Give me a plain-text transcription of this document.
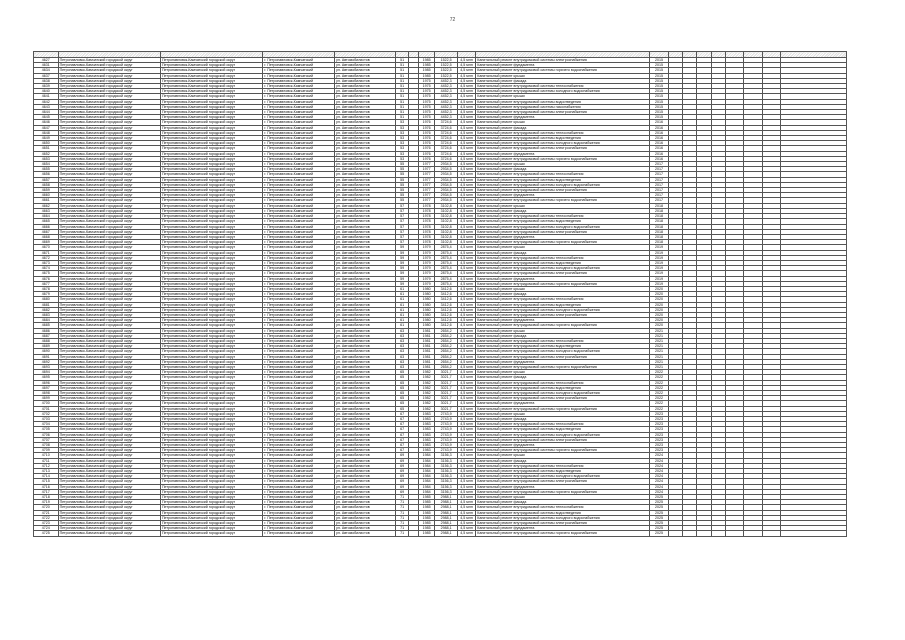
72

4627	Петропавловск-Камчатский городской округ	Петропавловск-Камчатский городской округ	г. Петропавловск-Камчатский	ул. Автомобилистов	51		1985	1522,5	4,5 млн	Капитальный ремонт внутридомовой системы электроснабжения	2015								
4631	Петропавловск-Камчатский городской округ	Петропавловск-Камчатский городской округ	г. Петропавловск-Камчатский	ул. Автомобилистов	51		1985	1522,5	4,5 млн	Капитальный ремонт фундамента	2015								
4634	Петропавловск-Камчатский городской округ	Петропавловск-Камчатский городской округ	г. Петропавловск-Камчатский	ул. Автомобилистов	51		1985	1522,5	4,5 млн	Капитальный ремонт внутридомовой системы горячего водоснабжения	2015								
4637	Петропавловск-Камчатский городской округ	Петропавловск-Камчатский городской округ	г. Петропавловск-Камчатский	ул. Автомобилистов	51		1985	1522,5	4,5 млн	Капитальный ремонт крыши	2015								
4638	Петропавловск-Камчатский городской округ	Петропавловск-Камчатский городской округ	г. Петропавловск-Камчатский	ул. Автомобилистов	51		1975	4452,3	4,5 млн	Капитальный ремонт фасада	2015								
4639	Петропавловск-Камчатский городской округ	Петропавловск-Камчатский городской округ	г. Петропавловск-Камчатский	ул. Автомобилистов	51		1975	4452,3	4,5 млн	Капитальный ремонт внутридомовой системы теплоснабжения	2015								
4640	Петропавловск-Камчатский городской округ	Петропавловск-Камчатский городской округ	г. Петропавловск-Камчатский	ул. Автомобилистов	51		1975	4452,3	4,5 млн	Капитальный ремонт внутридомовой системы холодного водоснабжения	2015								
4641	Петропавловск-Камчатский городской округ	Петропавловск-Камчатский городской округ	г. Петропавловск-Камчатский	ул. Автомобилистов	51		1975	4452,3	4,5 млн	Капитальный ремонт крыши	2015								
4642	Петропавловск-Камчатский городской округ	Петропавловск-Камчатский городской округ	г. Петропавловск-Камчатский	ул. Автомобилистов	51		1975	4452,3	4,5 млн	Капитальный ремонт внутридомовой системы водоотведения	2015								
4643	Петропавловск-Камчатский городской округ	Петропавловск-Камчатский городской округ	г. Петропавловск-Камчатский	ул. Автомобилистов	51		1975	4452,3	4,5 млн	Капитальный ремонт внутридомовой системы газоснабжения	2015								
4644	Петропавловск-Камчатский городской округ	Петропавловск-Камчатский городской округ	г. Петропавловск-Камчатский	ул. Автомобилистов	51		1975	4452,3	4,5 млн	Капитальный ремонт внутридомовой системы электроснабжения	2015								
4645	Петропавловск-Камчатский городской округ	Петропавловск-Камчатский городской округ	г. Петропавловск-Камчатский	ул. Автомобилистов	51		1975	4452,3	4,5 млн	Капитальный ремонт фундамента	2015								
4646	Петропавловск-Камчатский городской округ	Петропавловск-Камчатский городской округ	г. Петропавловск-Камчатский	ул. Автомобилистов	53		1976	3724,6	4,5 млн	Капитальный ремонт крыши	2016								
4647	Петропавловск-Камчатский городской округ	Петропавловск-Камчатский городской округ	г. Петропавловск-Камчатский	ул. Автомобилистов	53		1976	3724,6	4,5 млн	Капитальный ремонт фасада	2016								
4648	Петропавловск-Камчатский городской округ	Петропавловск-Камчатский городской округ	г. Петропавловск-Камчатский	ул. Автомобилистов	53		1976	3724,6	4,5 млн	Капитальный ремонт внутридомовой системы теплоснабжения	2016								
4649	Петропавловск-Камчатский городской округ	Петропавловск-Камчатский городской округ	г. Петропавловск-Камчатский	ул. Автомобилистов	53		1976	3724,6	4,5 млн	Капитальный ремонт внутридомовой системы водоотведения	2016								
4650	Петропавловск-Камчатский городской округ	Петропавловск-Камчатский городской округ	г. Петропавловск-Камчатский	ул. Автомобилистов	53		1976	3724,6	4,5 млн	Капитальный ремонт внутридомовой системы холодного водоснабжения	2016								
4651	Петропавловск-Камчатский городской округ	Петропавловск-Камчатский городской округ	г. Петропавловск-Камчатский	ул. Автомобилистов	53		1976	3724,6	4,5 млн	Капитальный ремонт внутридомовой системы электроснабжения	2016								
4652	Петропавловск-Камчатский городской округ	Петропавловск-Камчатский городской округ	г. Петропавловск-Камчатский	ул. Автомобилистов	53		1976	3724,6	4,5 млн	Капитальный ремонт фундамента	2016								
4653	Петропавловск-Камчатский городской округ	Петропавловск-Камчатский городской округ	г. Петропавловск-Камчатский	ул. Автомобилистов	53		1976	3724,6	4,5 млн	Капитальный ремонт внутридомовой системы горячего водоснабжения	2016								
4654	Петропавловск-Камчатский городской округ	Петропавловск-Камчатский городской округ	г. Петропавловск-Камчатский	ул. Автомобилистов	55		1977	2934,5	4,5 млн	Капитальный ремонт крыши	2017								
4655	Петропавловск-Камчатский городской округ	Петропавловск-Камчатский городской округ	г. Петропавловск-Камчатский	ул. Автомобилистов	55		1977	2934,5	4,5 млн	Капитальный ремонт фасада	2017								
4656	Петропавловск-Камчатский городской округ	Петропавловск-Камчатский городской округ	г. Петропавловск-Камчатский	ул. Автомобилистов	55		1977	2934,5	4,5 млн	Капитальный ремонт внутридомовой системы теплоснабжения	2017								
4657	Петропавловск-Камчатский городской округ	Петропавловск-Камчатский городской округ	г. Петропавловск-Камчатский	ул. Автомобилистов	55		1977	2934,5	4,5 млн	Капитальный ремонт внутридомовой системы водоотведения	2017								
4658	Петропавловск-Камчатский городской округ	Петропавловск-Камчатский городской округ	г. Петропавловск-Камчатский	ул. Автомобилистов	55		1977	2934,5	4,5 млн	Капитальный ремонт внутридомовой системы холодного водоснабжения	2017								
4659	Петропавловск-Камчатский городской округ	Петропавловск-Камчатский городской округ	г. Петропавловск-Камчатский	ул. Автомобилистов	55		1977	2934,5	4,5 млн	Капитальный ремонт внутридомовой системы электроснабжения	2017								
4660	Петропавловск-Камчатский городской округ	Петропавловск-Камчатский городской округ	г. Петропавловск-Камчатский	ул. Автомобилистов	55		1977	2934,5	4,5 млн	Капитальный ремонт фундамента	2017								
4661	Петропавловск-Камчатский городской округ	Петропавловск-Камчатский городской округ	г. Петропавловск-Камчатский	ул. Автомобилистов	55		1977	2934,5	4,5 млн	Капитальный ремонт внутридомовой системы горячего водоснабжения	2017								
4662	Петропавловск-Камчатский городской округ	Петропавловск-Камчатский городской округ	г. Петропавловск-Камчатский	ул. Автомобилистов	57		1978	3102,8	4,5 млн	Капитальный ремонт крыши	2018								
4663	Петропавловск-Камчатский городской округ	Петропавловск-Камчатский городской округ	г. Петропавловск-Камчатский	ул. Автомобилистов	57		1978	3102,8	4,5 млн	Капитальный ремонт фасада	2018								
4664	Петропавловск-Камчатский городской округ	Петропавловск-Камчатский городской округ	г. Петропавловск-Камчатский	ул. Автомобилистов	57		1978	3102,8	4,5 млн	Капитальный ремонт внутридомовой системы теплоснабжения	2018								
4665	Петропавловск-Камчатский городской округ	Петропавловск-Камчатский городской округ	г. Петропавловск-Камчатский	ул. Автомобилистов	57		1978	3102,8	4,5 млн	Капитальный ремонт внутридомовой системы водоотведения	2018								
4666	Петропавловск-Камчатский городской округ	Петропавловск-Камчатский городской округ	г. Петропавловск-Камчатский	ул. Автомобилистов	57		1978	3102,8	4,5 млн	Капитальный ремонт внутридомовой системы холодного водоснабжения	2018								
4667	Петропавловск-Камчатский городской округ	Петропавловск-Камчатский городской округ	г. Петропавловск-Камчатский	ул. Автомобилистов	57		1978	3102,8	4,5 млн	Капитальный ремонт внутридомовой системы электроснабжения	2018								
4668	Петропавловск-Камчатский городской округ	Петропавловск-Камчатский городской округ	г. Петропавловск-Камчатский	ул. Автомобилистов	57		1978	3102,8	4,5 млн	Капитальный ремонт фундамента	2018								
4669	Петропавловск-Камчатский городской округ	Петропавловск-Камчатский городской округ	г. Петропавловск-Камчатский	ул. Автомобилистов	57		1978	3102,8	4,5 млн	Капитальный ремонт внутридомовой системы горячего водоснабжения	2018								
4670	Петропавловск-Камчатский городской округ	Петропавловск-Камчатский городской округ	г. Петропавловск-Камчатский	ул. Автомобилистов	59		1979	2875,4	4,5 млн	Капитальный ремонт крыши	2019								
4671	Петропавловск-Камчатский городской округ	Петропавловск-Камчатский городской округ	г. Петропавловск-Камчатский	ул. Автомобилистов	59		1979	2875,4	4,5 млн	Капитальный ремонт фасада	2019								
4672	Петропавловск-Камчатский городской округ	Петропавловск-Камчатский городской округ	г. Петропавловск-Камчатский	ул. Автомобилистов	59		1979	2875,4	4,5 млн	Капитальный ремонт внутридомовой системы теплоснабжения	2019								
4673	Петропавловск-Камчатский городской округ	Петропавловск-Камчатский городской округ	г. Петропавловск-Камчатский	ул. Автомобилистов	59		1979	2875,4	4,5 млн	Капитальный ремонт внутридомовой системы водоотведения	2019								
4674	Петропавловск-Камчатский городской округ	Петропавловск-Камчатский городской округ	г. Петропавловск-Камчатский	ул. Автомобилистов	59		1979	2875,4	4,5 млн	Капитальный ремонт внутридомовой системы холодного водоснабжения	2019								
4675	Петропавловск-Камчатский городской округ	Петропавловск-Камчатский городской округ	г. Петропавловск-Камчатский	ул. Автомобилистов	59		1979	2875,4	4,5 млн	Капитальный ремонт внутридомовой системы электроснабжения	2019								
4676	Петропавловск-Камчатский городской округ	Петропавловск-Камчатский городской округ	г. Петропавловск-Камчатский	ул. Автомобилистов	59		1979	2875,4	4,5 млн	Капитальный ремонт фундамента	2019								
4677	Петропавловск-Камчатский городской округ	Петропавловск-Камчатский городской округ	г. Петропавловск-Камчатский	ул. Автомобилистов	59		1979	2875,4	4,5 млн	Капитальный ремонт внутридомовой системы горячего водоснабжения	2019								
4678	Петропавловск-Камчатский городской округ	Петропавловск-Камчатский городской округ	г. Петропавловск-Камчатский	ул. Автомобилистов	61		1980	3412,6	4,5 млн	Капитальный ремонт крыши	2020								
4679	Петропавловск-Камчатский городской округ	Петропавловск-Камчатский городской округ	г. Петропавловск-Камчатский	ул. Автомобилистов	61		1980	3412,6	4,5 млн	Капитальный ремонт фасада	2020								
4680	Петропавловск-Камчатский городской округ	Петропавловск-Камчатский городской округ	г. Петропавловск-Камчатский	ул. Автомобилистов	61		1980	3412,6	4,5 млн	Капитальный ремонт внутридомовой системы теплоснабжения	2020								
4681	Петропавловск-Камчатский городской округ	Петропавловск-Камчатский городской округ	г. Петропавловск-Камчатский	ул. Автомобилистов	61		1980	3412,6	4,5 млн	Капитальный ремонт внутридомовой системы водоотведения	2020								
4682	Петропавловск-Камчатский городской округ	Петропавловск-Камчатский городской округ	г. Петропавловск-Камчатский	ул. Автомобилистов	61		1980	3412,6	4,5 млн	Капитальный ремонт внутридомовой системы холодного водоснабжения	2020								
4683	Петропавловск-Камчатский городской округ	Петропавловск-Камчатский городской округ	г. Петропавловск-Камчатский	ул. Автомобилистов	61		1980	3412,6	4,5 млн	Капитальный ремонт внутридомовой системы электроснабжения	2020								
4684	Петропавловск-Камчатский городской округ	Петропавловск-Камчатский городской округ	г. Петропавловск-Камчатский	ул. Автомобилистов	61		1980	3412,6	4,5 млн	Капитальный ремонт фундамента	2020								
4685	Петропавловск-Камчатский городской округ	Петропавловск-Камчатский городской округ	г. Петропавловск-Камчатский	ул. Автомобилистов	61		1980	3412,6	4,5 млн	Капитальный ремонт внутридомовой системы горячего водоснабжения	2020								
4686	Петропавловск-Камчатский городской округ	Петропавловск-Камчатский городской округ	г. Петропавловск-Камчатский	ул. Автомобилистов	63		1981	2654,2	4,5 млн	Капитальный ремонт крыши	2021								
4687	Петропавловск-Камчатский городской округ	Петропавловск-Камчатский городской округ	г. Петропавловск-Камчатский	ул. Автомобилистов	63		1981	2654,2	4,5 млн	Капитальный ремонт фасада	2021								
4688	Петропавловск-Камчатский городской округ	Петропавловск-Камчатский городской округ	г. Петропавловск-Камчатский	ул. Автомобилистов	63		1981	2654,2	4,5 млн	Капитальный ремонт внутридомовой системы теплоснабжения	2021								
4689	Петропавловск-Камчатский городской округ	Петропавловск-Камчатский городской округ	г. Петропавловск-Камчатский	ул. Автомобилистов	63		1981	2654,2	4,5 млн	Капитальный ремонт внутридомовой системы водоотведения	2021								
4690	Петропавловск-Камчатский городской округ	Петропавловск-Камчатский городской округ	г. Петропавловск-Камчатский	ул. Автомобилистов	63		1981	2654,2	4,5 млн	Капитальный ремонт внутридомовой системы холодного водоснабжения	2021								
4691	Петропавловск-Камчатский городской округ	Петропавловск-Камчатский городской округ	г. Петропавловск-Камчатский	ул. Автомобилистов	63		1981	2654,2	4,5 млн	Капитальный ремонт внутридомовой системы электроснабжения	2021								
4692	Петропавловск-Камчатский городской округ	Петропавловск-Камчатский городской округ	г. Петропавловск-Камчатский	ул. Автомобилистов	63		1981	2654,2	4,5 млн	Капитальный ремонт фундамента	2021								
4693	Петропавловск-Камчатский городской округ	Петропавловск-Камчатский городской округ	г. Петропавловск-Камчатский	ул. Автомобилистов	63		1981	2654,2	4,5 млн	Капитальный ремонт внутридомовой системы горячего водоснабжения	2021								
4694	Петропавловск-Камчатский городской округ	Петропавловск-Камчатский городской округ	г. Петропавловск-Камчатский	ул. Автомобилистов	65		1982	3021,7	4,5 млн	Капитальный ремонт крыши	2022								
4695	Петропавловск-Камчатский городской округ	Петропавловск-Камчатский городской округ	г. Петропавловск-Камчатский	ул. Автомобилистов	65		1982	3021,7	4,5 млн	Капитальный ремонт фасада	2022								
4696	Петропавловск-Камчатский городской округ	Петропавловск-Камчатский городской округ	г. Петропавловск-Камчатский	ул. Автомобилистов	65		1982	3021,7	4,5 млн	Капитальный ремонт внутридомовой системы теплоснабжения	2022								
4697	Петропавловск-Камчатский городской округ	Петропавловск-Камчатский городской округ	г. Петропавловск-Камчатский	ул. Автомобилистов	65		1982	3021,7	4,5 млн	Капитальный ремонт внутридомовой системы водоотведения	2022								
4698	Петропавловск-Камчатский городской округ	Петропавловск-Камчатский городской округ	г. Петропавловск-Камчатский	ул. Автомобилистов	65		1982	3021,7	4,5 млн	Капитальный ремонт внутридомовой системы холодного водоснабжения	2022								
4699	Петропавловск-Камчатский городской округ	Петропавловск-Камчатский городской округ	г. Петропавловск-Камчатский	ул. Автомобилистов	65		1982	3021,7	4,5 млн	Капитальный ремонт внутридомовой системы электроснабжения	2022								
4700	Петропавловск-Камчатский городской округ	Петропавловск-Камчатский городской округ	г. Петропавловск-Камчатский	ул. Автомобилистов	65		1982	3021,7	4,5 млн	Капитальный ремонт фундамента	2022								
4701	Петропавловск-Камчатский городской округ	Петропавловск-Камчатский городской округ	г. Петропавловск-Камчатский	ул. Автомобилистов	65		1982	3021,7	4,5 млн	Капитальный ремонт внутридомовой системы горячего водоснабжения	2022								
4702	Петропавловск-Камчатский городской округ	Петропавловск-Камчатский городской округ	г. Петропавловск-Камчатский	ул. Автомобилистов	67		1983	2743,9	4,5 млн	Капитальный ремонт крыши	2023								
4703	Петропавловск-Камчатский городской округ	Петропавловск-Камчатский городской округ	г. Петропавловск-Камчатский	ул. Автомобилистов	67		1983	2743,9	4,5 млн	Капитальный ремонт фасада	2023								
4704	Петропавловск-Камчатский городской округ	Петропавловск-Камчатский городской округ	г. Петропавловск-Камчатский	ул. Автомобилистов	67		1983	2743,9	4,5 млн	Капитальный ремонт внутридомовой системы теплоснабжения	2023								
4705	Петропавловск-Камчатский городской округ	Петропавловск-Камчатский городской округ	г. Петропавловск-Камчатский	ул. Автомобилистов	67		1983	2743,9	4,5 млн	Капитальный ремонт внутридомовой системы водоотведения	2023								
4706	Петропавловск-Камчатский городской округ	Петропавловск-Камчатский городской округ	г. Петропавловск-Камчатский	ул. Автомобилистов	67		1983	2743,9	4,5 млн	Капитальный ремонт внутридомовой системы холодного водоснабжения	2023								
4707	Петропавловск-Камчатский городской округ	Петропавловск-Камчатский городской округ	г. Петропавловск-Камчатский	ул. Автомобилистов	67		1983	2743,9	4,5 млн	Капитальный ремонт внутридомовой системы электроснабжения	2023								
4708	Петропавловск-Камчатский городской округ	Петропавловск-Камчатский городской округ	г. Петропавловск-Камчатский	ул. Автомобилистов	67		1983	2743,9	4,5 млн	Капитальный ремонт фундамента	2023								
4709	Петропавловск-Камчатский городской округ	Петропавловск-Камчатский городской округ	г. Петропавловск-Камчатский	ул. Автомобилистов	67		1983	2743,9	4,5 млн	Капитальный ремонт внутридомовой системы горячего водоснабжения	2023								
4710	Петропавловск-Камчатский городской округ	Петропавловск-Камчатский городской округ	г. Петропавловск-Камчатский	ул. Автомобилистов	69		1984	3156,3	4,5 млн	Капитальный ремонт крыши	2024								
4711	Петропавловск-Камчатский городской округ	Петропавловск-Камчатский городской округ	г. Петропавловск-Камчатский	ул. Автомобилистов	69		1984	3156,3	4,5 млн	Капитальный ремонт фасада	2024								
4712	Петропавловск-Камчатский городской округ	Петропавловск-Камчатский городской округ	г. Петропавловск-Камчатский	ул. Автомобилистов	69		1984	3156,3	4,5 млн	Капитальный ремонт внутридомовой системы теплоснабжения	2024								
4713	Петропавловск-Камчатский городской округ	Петропавловск-Камчатский городской округ	г. Петропавловск-Камчатский	ул. Автомобилистов	69		1984	3156,3	4,5 млн	Капитальный ремонт внутридомовой системы водоотведения	2024								
4714	Петропавловск-Камчатский городской округ	Петропавловск-Камчатский городской округ	г. Петропавловск-Камчатский	ул. Автомобилистов	69		1984	3156,3	4,5 млн	Капитальный ремонт внутридомовой системы холодного водоснабжения	2024								
4715	Петропавловск-Камчатский городской округ	Петропавловск-Камчатский городской округ	г. Петропавловск-Камчатский	ул. Автомобилистов	69		1984	3156,3	4,5 млн	Капитальный ремонт внутридомовой системы электроснабжения	2024								
4716	Петропавловск-Камчатский городской округ	Петропавловск-Камчатский городской округ	г. Петропавловск-Камчатский	ул. Автомобилистов	69		1984	3156,3	4,5 млн	Капитальный ремонт фундамента	2024								
4717	Петропавловск-Камчатский городской округ	Петропавловск-Камчатский городской округ	г. Петропавловск-Камчатский	ул. Автомобилистов	69		1984	3156,3	4,5 млн	Капитальный ремонт внутридомовой системы горячего водоснабжения	2024								
4718	Петропавловск-Камчатский городской округ	Петропавловск-Камчатский городской округ	г. Петропавловск-Камчатский	ул. Автомобилистов	71		1985	2988,1	4,5 млн	Капитальный ремонт крыши	2025								
4719	Петропавловск-Камчатский городской округ	Петропавловск-Камчатский городской округ	г. Петропавловск-Камчатский	ул. Автомобилистов	71		1985	2988,1	4,5 млн	Капитальный ремонт фасада	2025								
4720	Петропавловск-Камчатский городской округ	Петропавловск-Камчатский городской округ	г. Петропавловск-Камчатский	ул. Автомобилистов	71		1985	2988,1	4,5 млн	Капитальный ремонт внутридомовой системы теплоснабжения	2025								
4721	Петропавловск-Камчатский городской округ	Петропавловск-Камчатский городской округ	г. Петропавловск-Камчатский	ул. Автомобилистов	71		1985	2988,1	4,5 млн	Капитальный ремонт внутридомовой системы водоотведения	2025								
4722	Петропавловск-Камчатский городской округ	Петропавловск-Камчатский городской округ	г. Петропавловск-Камчатский	ул. Автомобилистов	71		1985	2988,1	4,5 млн	Капитальный ремонт внутридомовой системы холодного водоснабжения	2025								
4723	Петропавловск-Камчатский городской округ	Петропавловск-Камчатский городской округ	г. Петропавловск-Камчатский	ул. Автомобилистов	71		1985	2988,1	4,5 млн	Капитальный ремонт внутридомовой системы электроснабжения	2025								
4724	Петропавловск-Камчатский городской округ	Петропавловск-Камчатский городской округ	г. Петропавловск-Камчатский	ул. Автомобилистов	71		1985	2988,1	4,5 млн	Капитальный ремонт фундамента	2025								
4725	Петропавловск-Камчатский городской округ	Петропавловск-Камчатский городской округ	г. Петропавловск-Камчатский	ул. Автомобилистов	71		1985	2988,1	4,5 млн	Капитальный ремонт внутридомовой системы горячего водоснабжения	2025								
